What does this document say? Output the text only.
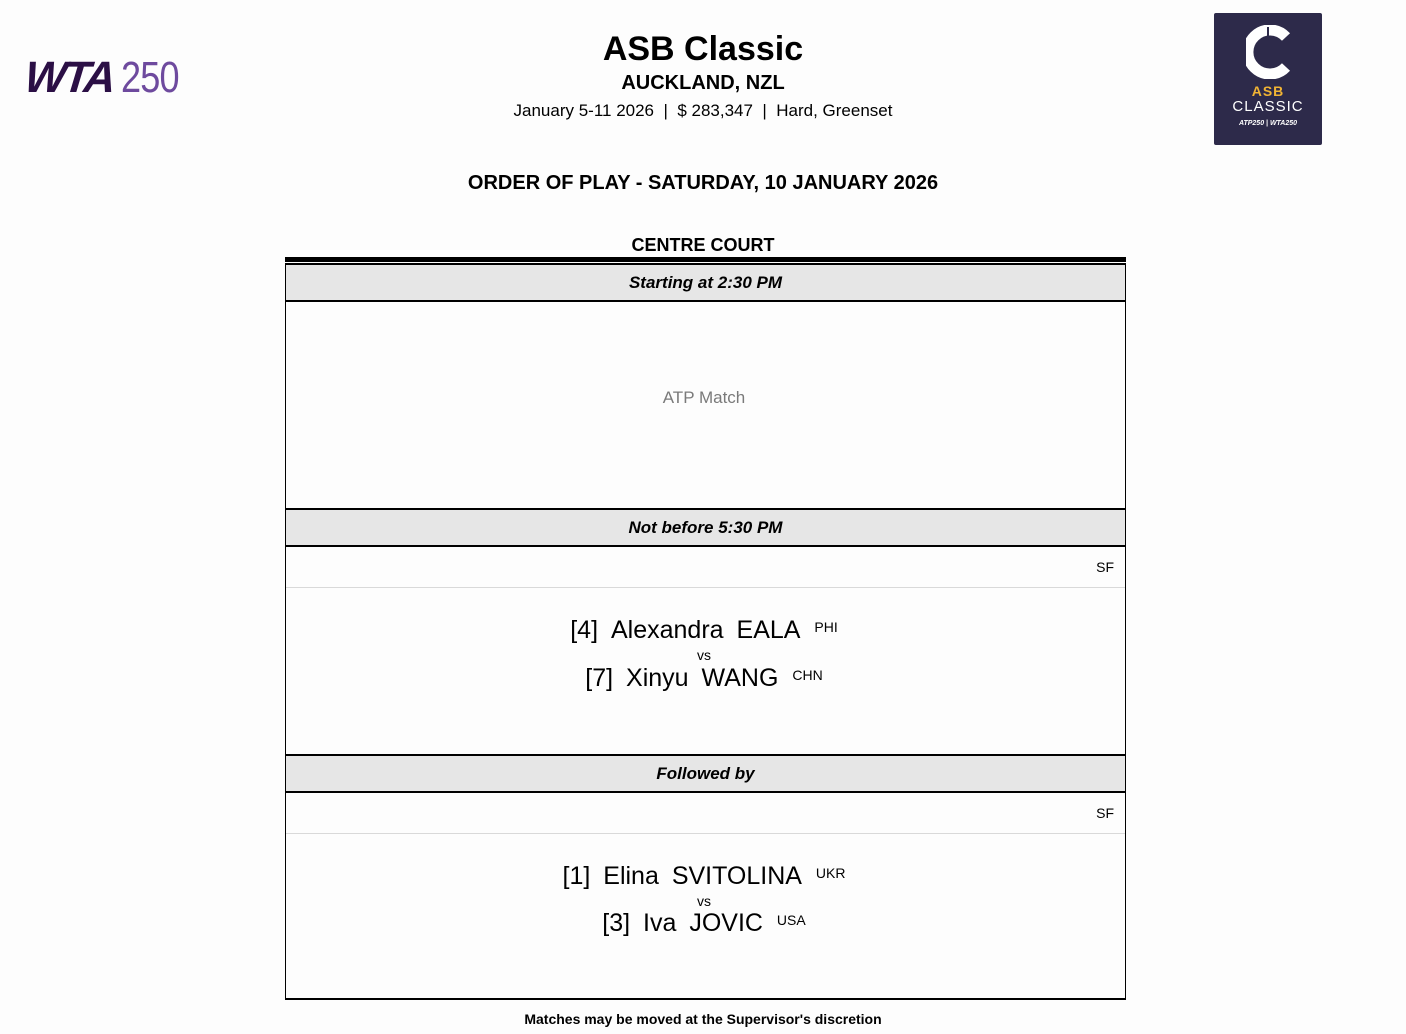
WTA 250	ASB
CLASSIC
ATP250 | WTA250
ASB Classic
AUCKLAND, NZL
January 5-11 2026  |  $ 283,347  |  Hard, Greenset
ORDER OF PLAY - SATURDAY, 10 JANUARY 2026
CENTRE COURT
Starting at 2:30 PM
ATP Match
Not before 5:30 PM
SF
[4] Alexandra EALA $^{PHI}$
vs
[7] Xinyu WANG $^{CHN}$
Followed by
SF
[1] Elina SVITOLINA $^{UKR}$
vs
[3] Iva JOVIC $^{USA}$
Matches may be moved at the Supervisor's discretion
